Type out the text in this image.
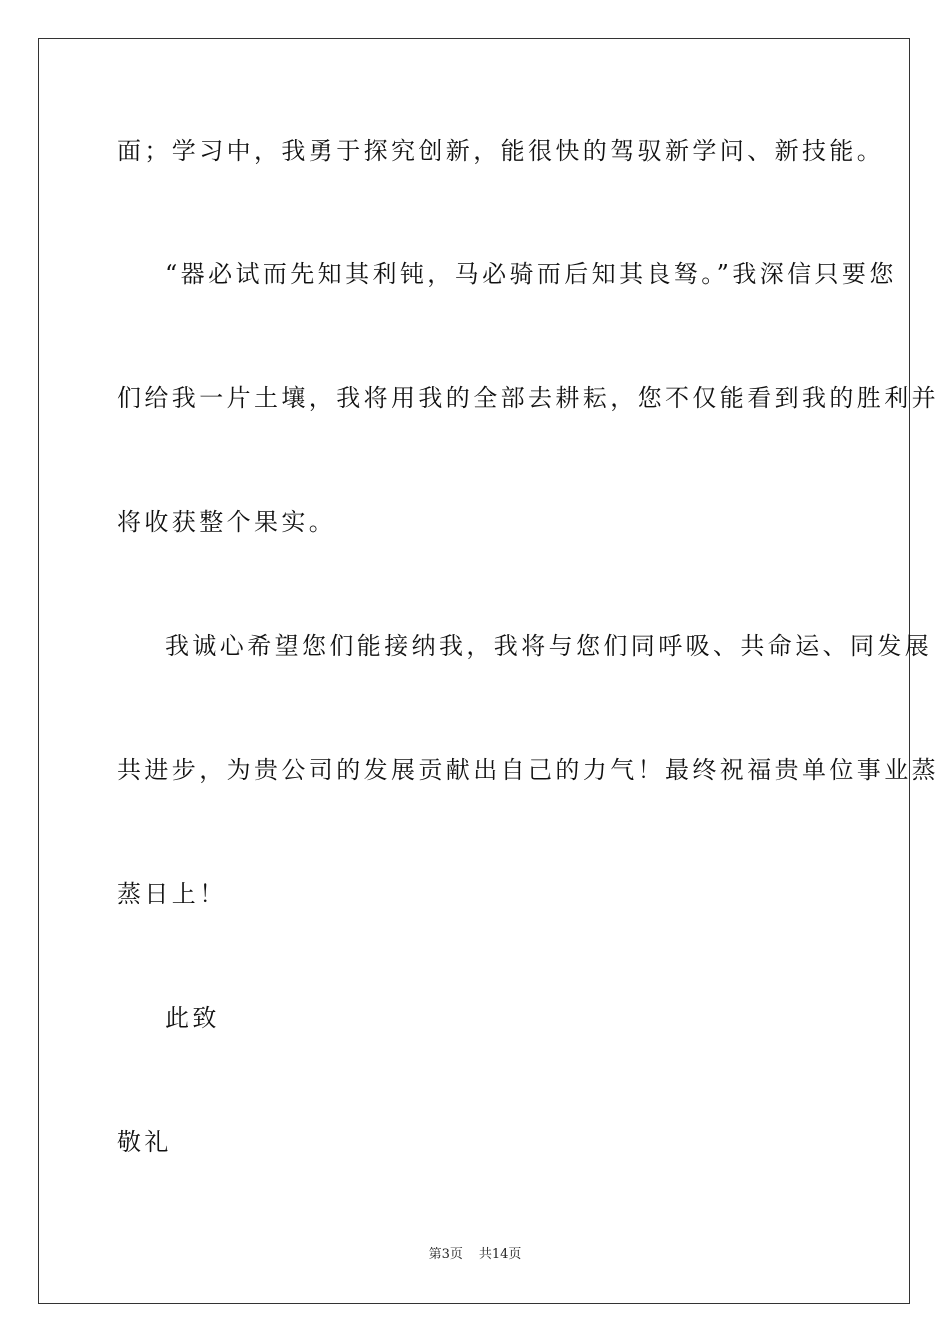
面；学习中，我勇于探究创新，能很快的驾驭新学问、新技能。
“器必试而先知其利钝，马必骑而后知其良驽。”我深信只要您
们给我一片土壤，我将用我的全部去耕耘，您不仅能看到我的胜利并
将收获整个果实。
我诚心希望您们能接纳我，我将与您们同呼吸、共命运、同发展
共进步，为贵公司的发展贡献出自己的力气！最终祝福贵单位事业蒸
蒸日上！
此致
敬礼
第3页 共14页
